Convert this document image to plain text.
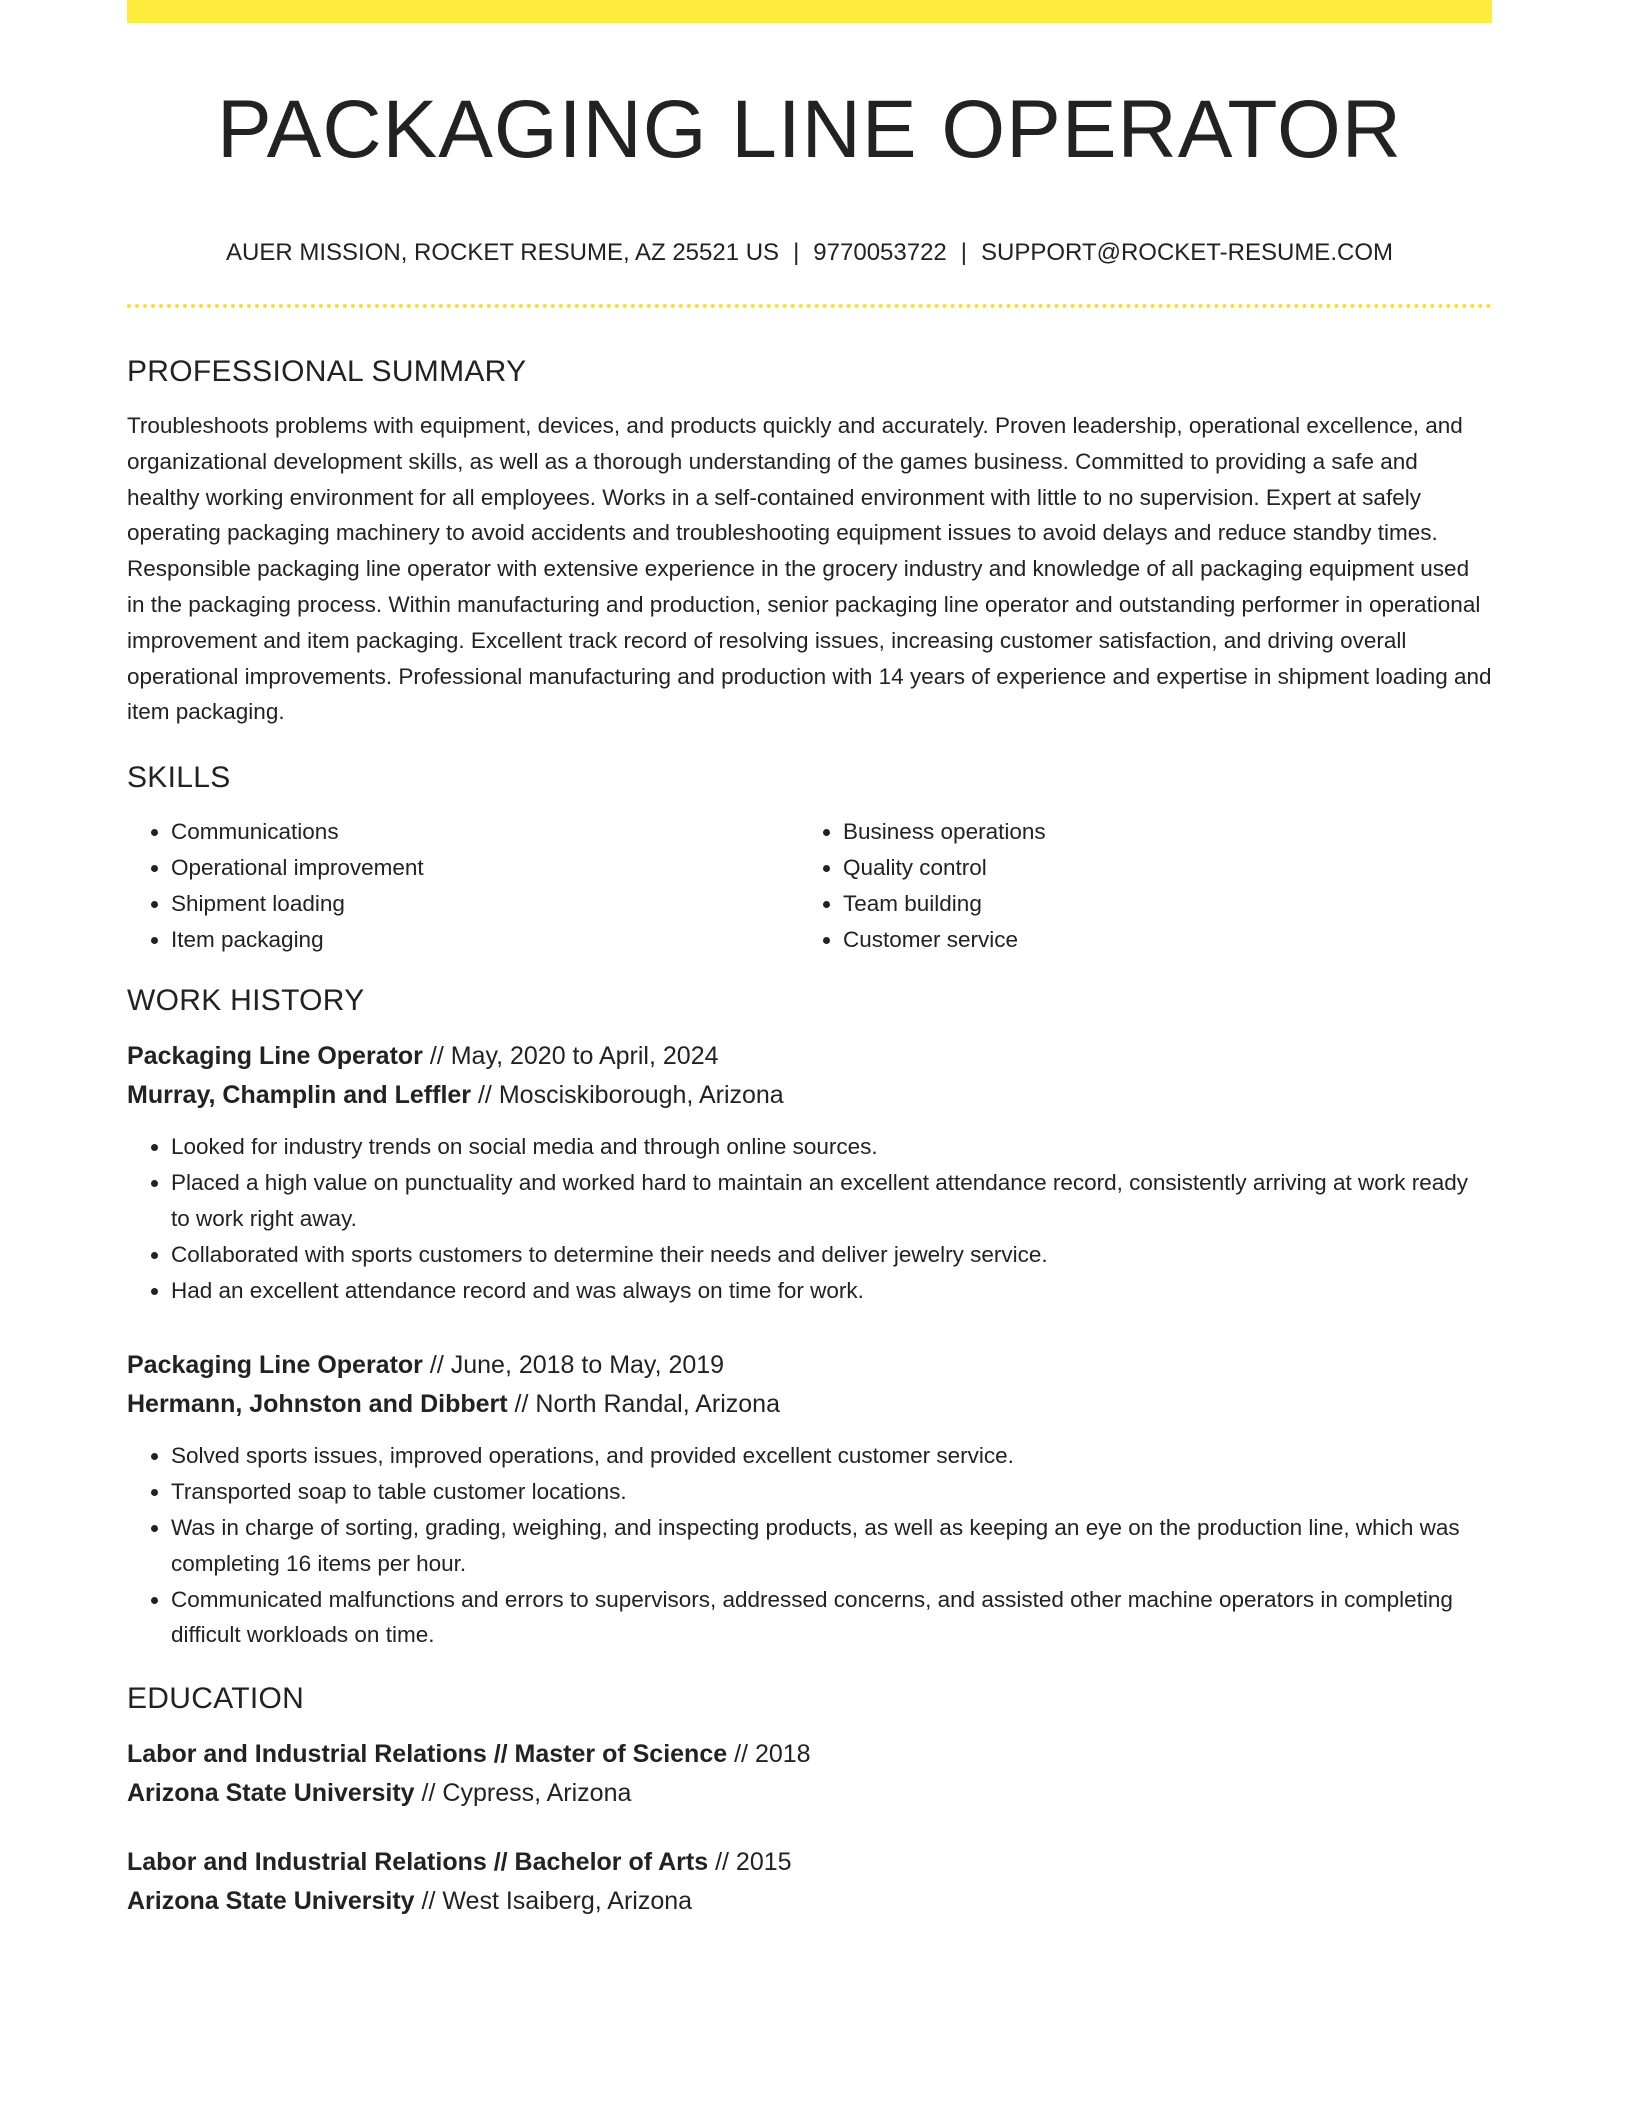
PACKAGING LINE OPERATOR
AUER MISSION, ROCKET RESUME, AZ 25521 US | 9770053722 | SUPPORT@ROCKET-RESUME.COM
PROFESSIONAL SUMMARY

Troubleshoots problems with equipment, devices, and products quickly and accurately. Proven leadership, operational excellence, and organizational development skills, as well as a thorough understanding of the games business. Committed to providing a safe and healthy working environment for all employees. Works in a self-contained environment with little to no supervision. Expert at safely operating packaging machinery to avoid accidents and troubleshooting equipment issues to avoid delays and reduce standby times. Responsible packaging line operator with extensive experience in the grocery industry and knowledge of all packaging equipment used in the packaging process. Within manufacturing and production, senior packaging line operator and outstanding performer in operational improvement and item packaging. Excellent track record of resolving issues, increasing customer satisfaction, and driving overall operational improvements. Professional manufacturing and production with 14 years of experience and expertise in shipment loading and item packaging.

SKILLS
• Communications
• Operational improvement
• Shipment loading
• Item packaging
• Business operations
• Quality control
• Team building
• Customer service
WORK HISTORY
Packaging Line Operator // May, 2020 to April, 2024
Murray, Champlin and Leffler // Mosciskiborough, Arizona
• Looked for industry trends on social media and through online sources.
• Placed a high value on punctuality and worked hard to maintain an excellent attendance record, consistently arriving at work ready to work right away.
• Collaborated with sports customers to determine their needs and deliver jewelry service.
• Had an excellent attendance record and was always on time for work.
Packaging Line Operator // June, 2018 to May, 2019
Hermann, Johnston and Dibbert // North Randal, Arizona
• Solved sports issues, improved operations, and provided excellent customer service.
• Transported soap to table customer locations.
• Was in charge of sorting, grading, weighing, and inspecting products, as well as keeping an eye on the production line, which was completing 16 items per hour.
• Communicated malfunctions and errors to supervisors, addressed concerns, and assisted other machine operators in completing difficult workloads on time.
EDUCATION
Labor and Industrial Relations // Master of Science // 2018
Arizona State University // Cypress, Arizona
Labor and Industrial Relations // Bachelor of Arts // 2015
Arizona State University // West Isaiberg, Arizona
